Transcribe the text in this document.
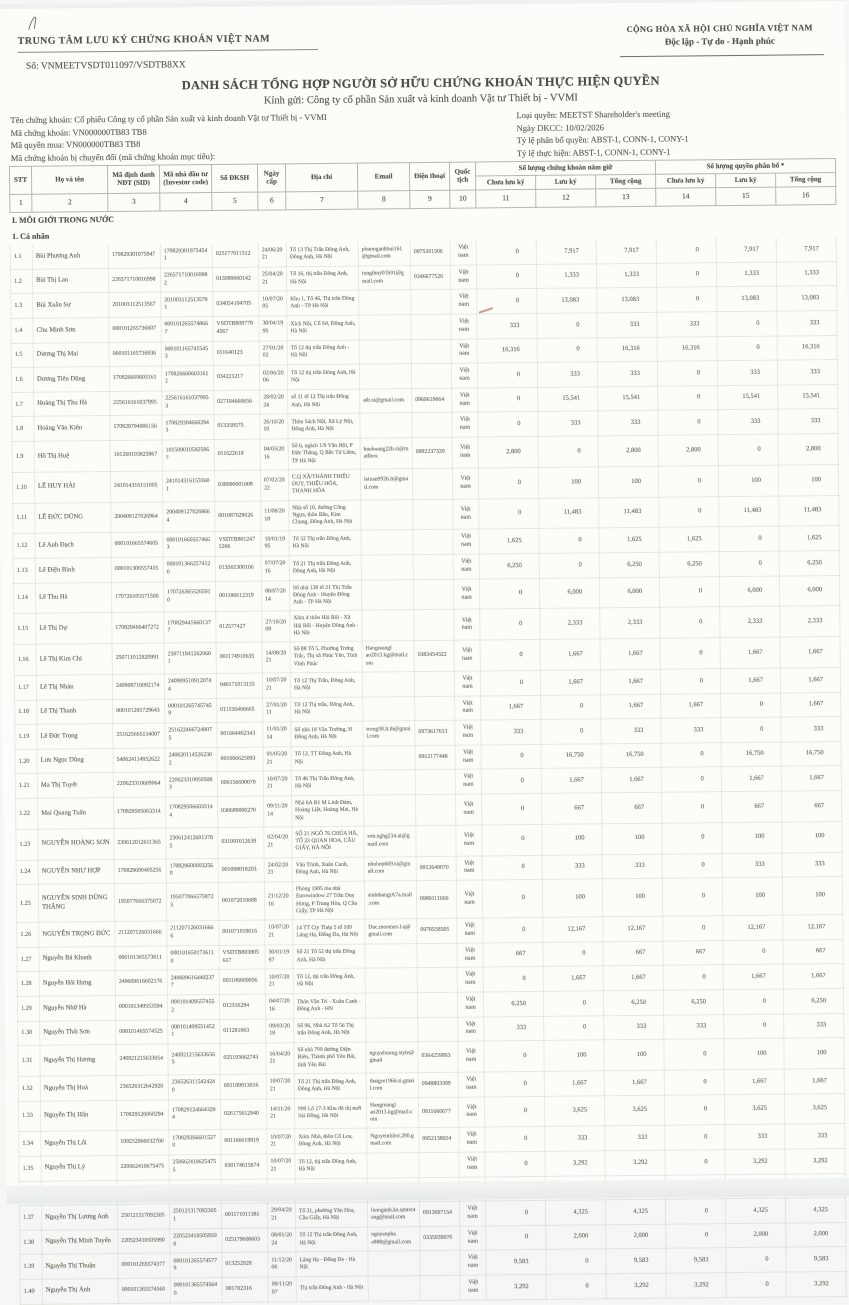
TRUNG TÂM LƯU KÝ CHỨNG KHOÁN VIỆT NAM
CỘNG HÒA XÃ HỘI CHỦ NGHĨA VIỆT NAM
Độc lập - Tự do - Hạnh phúc
Số: VNMEETVSDT011097/VSDTB8XX
DANH SÁCH TỔNG HỢP NGƯỜI SỞ HỮU CHỨNG KHOÁN THỰC HIỆN QUYỀN
Kính gửi: Công ty cổ phần Sản xuất và kinh doanh Vật tư Thiết bị - VVMI
Tên chứng khoán: Cổ phiếu Công ty cổ phần Sản xuất và kinh doanh Vật tư Thiết bị - VVMI
Mã chứng khoán: VN000000TB83 TB8
Mã quyền mua: VN000000TB83 TB8
Mã chứng khoán bị chuyển đổi (mã chứng khoán mục tiêu):
Loại quyền: MEETST Shareholder's meeting
Ngày DKCC: 10/02/2026
Tỷ lệ phân bổ quyền: ABST-1, CONN-1, CONY-1
Tỷ lệ thực hiện: ABST-1, CONN-1, CONY-1
STT	Họ và tên	Mã định danh NĐT (SID)	Mã nhà đầu tư (Investor code)	Số ĐKSH	Ngày cấp	Địa chỉ	Email	Điện thoại	Quốc tịch	Số lượng chứng khoán nắm giữ			Số lượng quyền phân bổ *		
										Chưa lưu ký	Lưu ký	Tổng cộng	Chưa lưu ký	Lưu ký	Tổng cộng
1	2	3	4	5	6	7	8	9	10	11	12	13	14	15	16
I. MÔI GIỚI TRONG NƯỚC															
1. Cá nhân															
1.1	Bùi Phương Anh	170829301975947	1708293019754541	025177011512	24/06/2021	Tổ 13 Thị Trấn Đông Anh, Đông Anh, Hà Nội	phuonganhbui161@gmail.com	0975301506	Việt nam	0	7,917	7,917	0	7,917	7,917
1.2	Bùi Thị Lan	226571710016998	2265717100169982	013089060142	25/04/2021	Tổ 16, thị trấn Đông Anh, Hà Nội	tungthuy01b91@gmail.com	0346677526	Việt nam	0	1,333	1,333	0	1,333	1,333
1.3	Bùi Xuân Sư	201003112513567	2010031125135701	034054104705	10/07/2005	Khu 1, Tổ 46, Thị trấn Đông Anh - TP Hà Nội			Việt nam	0	13,083	13,083	0	13,083	13,083
1.4	Chu Minh Sơn	000101265736607	0001012655748667	VSDTB8087794567	30/04/1995	Xích Nội, Cổ Sở, Đông Anh, Hà Nội			Việt nam	333	0	333	333	0	333
1.5	Dương Thị Mai	000101165736936	0001011657415453	011640123	27/01/2002	Tổ 12 thị trấn Đông Anh - Hà Nội			Việt nam	16,316	0	16,316	16,316	0	16,316
1.6	Dương Tiến Dũng	170826660603161	1708266606031612	034221217	02/06/2006	Tổ 12 thị trấn Đông Anh, Hà Nội			Việt nam	0	333	333	0	333	333
1.7	Hoàng Thị Thu Hà	225616161037995	2256161610379953	027104660656	28/02/2024	số 11 tổ 12 Thị trấn Đông Anh, Hà Nội	atb.si@gmail.com	0969619664	Việt nam	0	15,541	15,541	0	15,541	15,541
1.8	Hoàng Văn Kiên	170829704006156	1708293046602943	013358575	26/10/2010	Thôn Sách Nội, Xã Lý Nội, Đông Anh, Hà Nội			Việt nam	0	333	333	0	333	333
1.9	Hồ Thị Huệ	101260103825967	1015090105825967	011622618	04/03/2016	Số 6, ngách 1/9 Văn Hội, P Đức Thắng, Q Bắc Từ Liêm, TP Hà Nội	huehoang22b.si@mailbox	0992237339	Việt nam	2,800	0	2,800	2,800	0	2,800
1.10	LÊ HUY HẢI	241014316151005	2410143161533601	038090001008	07/02/2022	C.Q XÃ/THÀNH THIỆU DUY, THIỆU HÓA, THANH HÓA	letuan9926.lt@gmail.com		Việt nam	0	100	100	0	100	100
1.11	LÊ ĐỨC DŨNG	200409127026964	2004091270268664	001087029026	11/08/2018	Nhà số 10, đường Cổng Ngựa, thôn Bầu, Kim Chung, Đông Anh, Hà Nội			Việt nam	0	11,483	11,483	0	11,483	11,483
1.12	Lê Anh Đạch	000101665574605	0001016605574663	VSDTB8012471266	10/01/1995	Tổ 32 Thị trấn Đông Anh, Hà Nội			Việt nam	1,625	0	1,625	1,625	0	1,625
1.13	Lê Điện Bình	000101306557415	0001013662574120	013565300106	07/07/2016	Tổ 21 Thị trấn Đông Anh, Đông Anh, Hà Nội			Việt nam	6,250	0	6,250	6,250	0	6,250
1.14	Lê Thu Hà	170726105571500	1707263655265910	001186612319	08/07/2014	Số nhà 130 tổ 21 Thị Trấn Đông Anh - Huyện Đông Anh - TP Hà Nội			Việt nam	0	6,000	6,000	0	6,000	6,000
1.15	Lê Thị Dự	170829466407272	1708294416601377	012577427	27/10/2009	Xóm 4 thôn Hải Bối - Xã Hải Bối - Huyện Đông Anh - Hà Nội			Việt nam	0	2,333	2,333	0	2,333	2,333
1.16	Lê Thị Kim Chi	250711012820991	2507118412620601	001174910635	14/08/2021	Số 88 Tổ 5, Phường Trưng Trắc, Thị xã Phúc Yên, Tỉnh Vĩnh Phúc	Hangreangl ao2013.kg@mail.com	0383454322	Việt nam	0	1,667	1,667	0	1,667	1,667
1.17	Lê Thị Nhàn	240909716092174	2409095109120744	046171013155	10/07/2021	Tổ 12 Thị Trấn, Đông Anh, Hà Nội			Việt nam	0	1,667	1,667	0	1,667	1,667
1.18	Lê Thị Thanh	000101265729643	0001012657457459	011156466665	27/01/2011	Tổ 12 Thị trấn, Đông Anh, Hà Nội			Việt nam	1,667	0	1,667	1,667	0	1,667
1.19	Lê Đức Trọng	251625665134007	2516224667248075	001664462343	11/01/2014	Số nhà 18 Vân Trường, H Đông Anh, Hà Nội	trong58.lt.th@gmail.com	0973617613	Việt nam	333	0	333	333	0	333
1.20	Lưu Ngọc Dũng	540624114952622	2406201145262302	001666625093	01/05/2021	Tổ 12, TT Đông Anh, Hà Nội		0912177448	Việt nam	0	16,750	16,750	0	16,750	16,750
1.21	Ma Thị Tuyết	220623310609064	2206233109505083	006156600079	10/07/2021	Tổ 46 Thị Trấn Đông Anh, Hà Nội			Việt nam	0	1,667	1,667	0	1,667	1,667
1.22	Mai Quang Tuấn	170829505063314	1708295066033144	036689000270	09/11/2014	Nhà 6A B1 M Linh Đàm, Hoàng Liệt, Hoàng Mai, Hà Nội			Việt nam	0	667	667	0	667	667
1.23	NGUYỄN HOÀNG SƠN	230612012611365	2306124126013785	031091012639	02/04/2021	SỐ 21 NGÕ 76 CHÙA HÀ, TỔ 23 QUAN HOA, CẦU GIẤY, HÀ NỘI	son.nghg234.ai@gmail.com		Việt nam	0	100	100	0	100	100
1.24	NGUYỄN NHƯ HỢP	170829690405256	1708296000032560	001098018203	24/02/2021	Vân Trình, Xuân Canh, Đông Anh, Hà Nội	nhuhop669.si@gmail.com	0912640070	Việt nam	0	333	333	0	333	333
1.25	NGUYỄN SINH DŨNG THẮNG	195077666375072	1950770665758723	001072010688	21/12/2016	Phòng 1905 tòa nhà Eurowindow 27 Trần Duy Hưng, P Trung Hòa, Q Cầu Giấy, TP Hà Nội	sinhthangtA7a.mail.com	0989111666	Việt nam	0	100	100	0	100	100
1.26	NGUYỄN TRỌNG ĐỨC	211207126031666	2112071260316666	001071019016	10/07/2021	14 TT Cty Thép 5 tổ 109 Láng Hạ, Đống Đa, Hà Nội	Duc.meomeo.l.q@gmail.com	0978558505	Việt nam	0	12,167	12,167	0	12,167	12,167
1.27	Nguyễn Bá Khanh	000101365573611	0001016501736110	VSDTB803805617	30/01/1997	Số 21 Tổ 52 thị trấn Đông Anh, Hà Nội			Việt nam	667	0	667	667	0	667
1.28	Nguyễn Hải Hưng	240609616602176	2406096164402377	001106600056	10/07/2021	Tổ 12, thị trấn Đông Anh, Hà Nội			Việt nam	0	1,667	1,667	0	1,667	1,667
1.29	Nguyễn Nhữ Hà	000101349553594	0001014095574552	012316294	04/07/2016	Thôn Vân Trì - Xuân Canh - Đông Anh - HN			Việt nam	6,250	0	6,250	6,250	0	6,250
1.30	Nguyễn Thái Sơn	000101465574525	0001014095514521	011281063	09/03/2018	Số 96, Nhà A2 Tổ 56 Thị trấn Đông Anh, Hà Nội			Việt nam	333	0	333	333	0	333
1.31	Nguyễn Thị Hương	240821215633654	2408212156336565	025193662743	16/04/2021	Số nhà 799 đường Điện Biên, Thành phố Yên Bái, tỉnh Yên Bái	nguyehuong.style@gmail	0364259863	Việt nam	0	100	100	0	100	100
1.32	Nguyễn Thị Hoà	236526312642920	2365263115424240	001189913016	10/07/2021	Tổ 21 Thị trấn Đông Anh, Đông Anh, Hà Nội	thaigre1966.si.gmail.com	0948803399	Việt nam	0	1,667	1,667	0	1,667	1,667
1.33	Nguyễn Thị Hân	170829126060294	1708291246643294	026175612940	14/11/2021	999 Lô 17-3 Khu đô thị mới Sài Đồng, Hà Nội	Hangreangl ao2013.kg@mail.com	0911666677	Việt nam	0	3,625	3,625	0	3,625	3,625
1.34	Nguyễn Thị Lối	109252066032700	1708292666015270	001166619919	10/07/2021	Xóm Nhỏ, thôn Cổ Loa, Đông Anh, Hà Nội	Nguyenthiloi.290.gmail.com	0952138654	Việt nam	0	333	333	0	333	333
1.35	Nguyễn Thị Lý	220662410675475	2506624106254755	030174615874	10/07/2021	Tổ 12, thị trấn Đông Anh, Hà Nội			Việt nam	0	3,292	3,292	0	3,292	3,292

1.37	Nguyễn Thị Lương Anh	250121517092305	2501213170923051	001171011381	29/04/2021	Tổ 31, phường Yên Hòa, Cầu Giấy, Hà Nội	luonganh.ka.qmtentang@mail.com	0913697154	Việt nam	0	4,325	4,325	0	4,325	4,325
1.38	Nguyễn Thị Minh Tuyến	220523410505990	2205234105059590	025179600603	08/01/2024	Tổ 12 Thị trấn Đông Anh, Hà Nội	nguyenpha e888@gmail.com	0335939970	Việt nam	0	2,000	2,000	0	2,000	2,000
1.39	Nguyễn Thị Thuận	000101265574377	0001012655745779	013252928	11/12/2006	Láng Hạ - Đống Đa - Hà Nội			Việt nam	9,583	0	9,583	9,583	0	9,583
1.40	Nguyễn Thị Ánh	000101365574560	0001013655745640	001702316	09/11/2007	Thị trấn Đông Anh - Hà Nội			Việt nam	3,292	0	3,292	3,292	0	3,292
